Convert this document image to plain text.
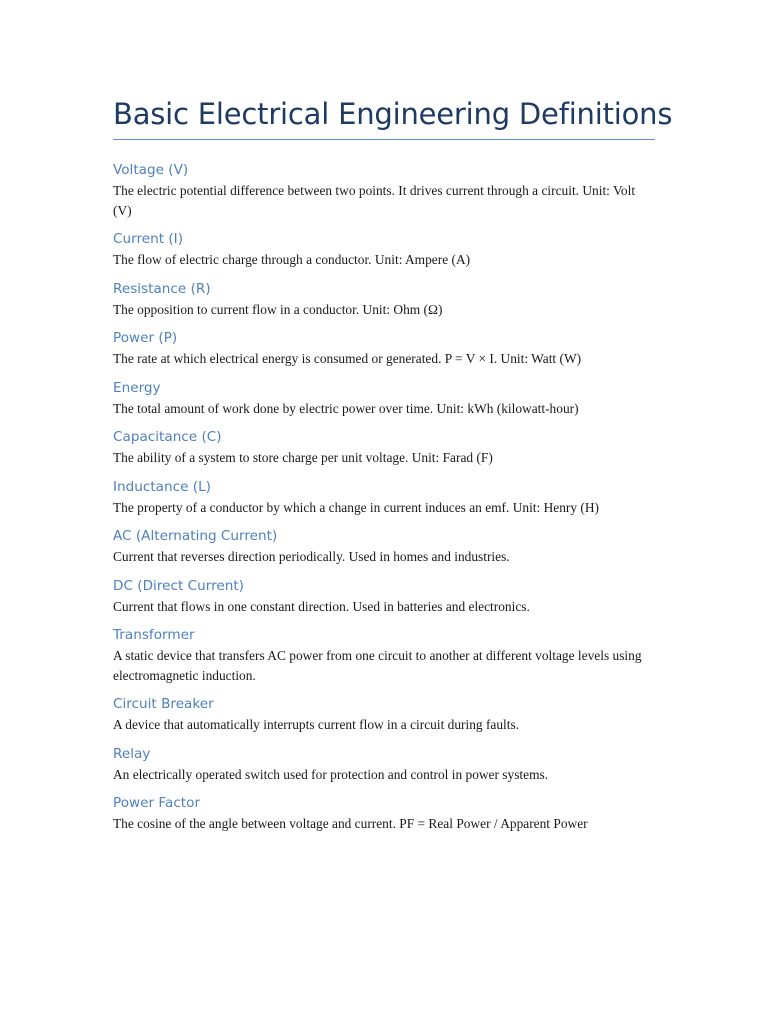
Basic Electrical Engineering Definitions
Voltage (V)
The electric potential difference between two points. It drives current through a circuit. Unit: Volt (V)
Current (I)
The flow of electric charge through a conductor. Unit: Ampere (A)
Resistance (R)
The opposition to current flow in a conductor. Unit: Ohm (Ω)
Power (P)
The rate at which electrical energy is consumed or generated. P = V × I. Unit: Watt (W)
Energy
The total amount of work done by electric power over time. Unit: kWh (kilowatt-hour)
Capacitance (C)
The ability of a system to store charge per unit voltage. Unit: Farad (F)
Inductance (L)
The property of a conductor by which a change in current induces an emf. Unit: Henry (H)
AC (Alternating Current)
Current that reverses direction periodically. Used in homes and industries.
DC (Direct Current)
Current that flows in one constant direction. Used in batteries and electronics.
Transformer
A static device that transfers AC power from one circuit to another at different voltage levels using electromagnetic induction.
Circuit Breaker
A device that automatically interrupts current flow in a circuit during faults.
Relay
An electrically operated switch used for protection and control in power systems.
Power Factor
The cosine of the angle between voltage and current. PF = Real Power / Apparent Power
